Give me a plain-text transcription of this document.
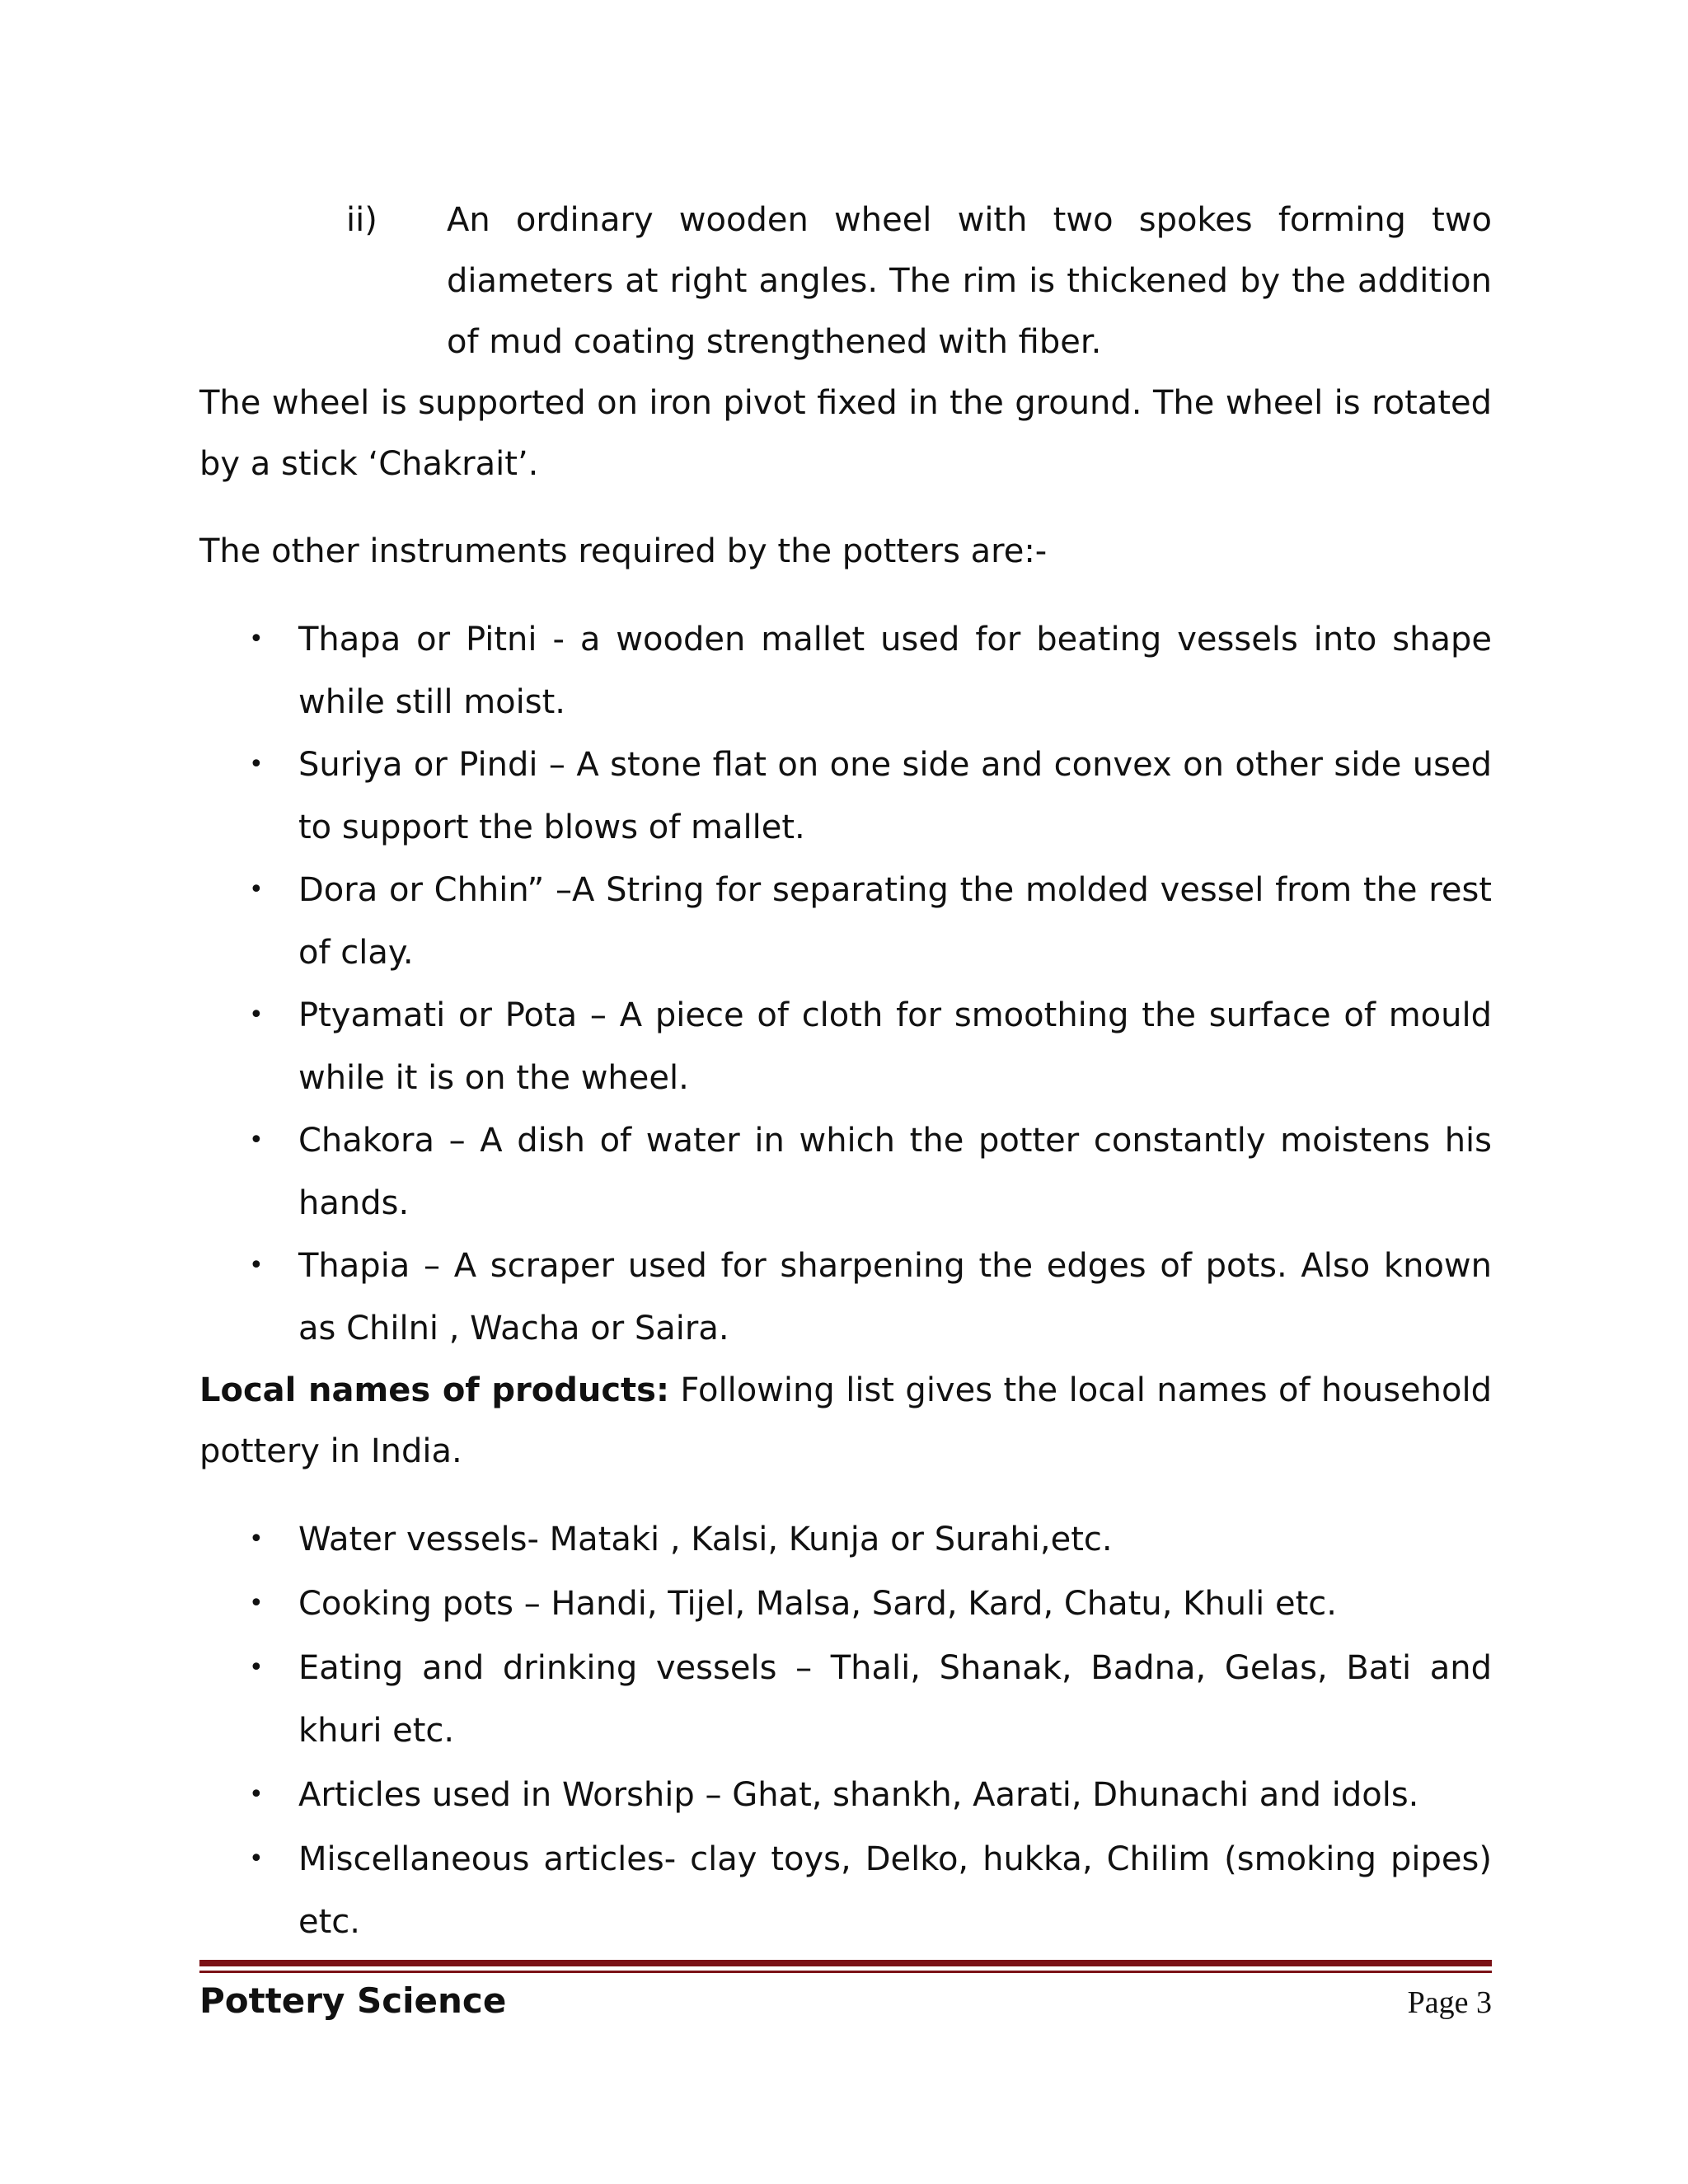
ii) An ordinary wooden wheel with two spokes forming two diameters at right angles. The rim is thickened by the addition of mud coating strengthened with fiber.

The wheel is supported on iron pivot fixed in the ground. The wheel is rotated by a stick ‘Chakrait’.

The other instruments required by the potters are:-

• Thapa or Pitni - a wooden mallet used for beating vessels into shape while still moist.
• Suriya or Pindi – A stone flat on one side and convex on other side used to support the blows of mallet.
• Dora or Chhin” –A String for separating the molded vessel from the rest of clay.
• Ptyamati or Pota – A piece of cloth for smoothing the surface of mould while it is on the wheel.
• Chakora – A dish of water in which the potter constantly moistens his hands.
• Thapia – A scraper used for sharpening the edges of pots. Also known as Chilni , Wacha or Saira.

Local names of products: Following list gives the local names of household pottery in India.

• Water vessels- Mataki , Kalsi, Kunja or Surahi,etc.
• Cooking pots – Handi, Tijel, Malsa, Sard, Kard, Chatu, Khuli etc.
• Eating and drinking vessels – Thali, Shanak, Badna, Gelas, Bati and khuri etc.
• Articles used in Worship – Ghat, shankh, Aarati, Dhunachi and idols.
• Miscellaneous articles- clay toys, Delko, hukka, Chilim (smoking pipes) etc.
Pottery Science	Page 3
